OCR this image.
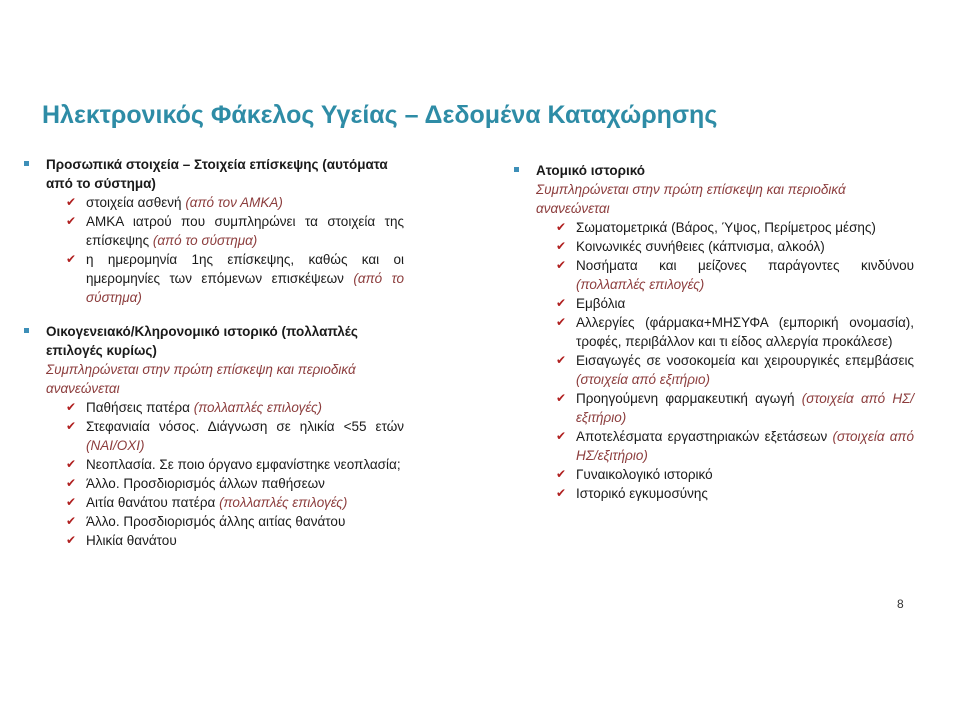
Ηλεκτρονικός Φάκελος Υγείας – Δεδομένα Καταχώρησης
Προσωπικά στοιχεία – Στοιχεία επίσκεψης (αυτόματα από το σύστημα)
✔ στοιχεία ασθενή (από τον ΑΜΚΑ)
✔ ΑΜΚΑ ιατρού που συμπληρώνει τα στοιχεία της επίσκεψης (από το σύστημα)
✔ η ημερομηνία 1ης επίσκεψης, καθώς και οι ημερομηνίες των επόμενων επισκέψεων (από το σύστημα)
Οικογενειακό/Κληρονομικό ιστορικό (πολλαπλές επιλογές κυρίως)
Συμπληρώνεται στην πρώτη επίσκεψη και περιοδικά ανανεώνεται
✔ Παθήσεις πατέρα (πολλαπλές επιλογές)
✔ Στεφανιαία νόσος. Διάγνωση σε ηλικία <55 ετών (ΝΑΙ/ΟΧΙ)
✔ Νεοπλασία. Σε ποιο όργανο εμφανίστηκε νεοπλασία;
✔ Άλλο. Προσδιορισμός άλλων παθήσεων
✔ Αιτία θανάτου πατέρα (πολλαπλές επιλογές)
✔ Άλλο. Προσδιορισμός άλλης αιτίας θανάτου
✔ Ηλικία θανάτου
Ατομικό ιστορικό
Συμπληρώνεται στην πρώτη επίσκεψη και περιοδικά ανανεώνεται
✔ Σωματομετρικά (Βάρος, Ύψος, Περίμετρος μέσης)
✔ Κοινωνικές συνήθειες (κάπνισμα, αλκοόλ)
✔ Νοσήματα και μείζονες παράγοντες κινδύνου (πολλαπλές επιλογές)
✔ Εμβόλια
✔ Αλλεργίες (φάρμακα+ΜΗΣΥΦΑ (εμπορική ονομασία), τροφές, περιβάλλον και τι είδος αλλεργία προκάλεσε)
✔ Εισαγωγές σε νοσοκομεία και χειρουργικές επεμβάσεις (στοιχεία από εξιτήριο)
✔ Προηγούμενη φαρμακευτική αγωγή (στοιχεία από ΗΣ/εξιτήριο)
✔ Αποτελέσματα εργαστηριακών εξετάσεων (στοιχεία από ΗΣ/εξιτήριο)
✔ Γυναικολογικό ιστορικό
✔ Ιστορικό εγκυμοσύνης
8
